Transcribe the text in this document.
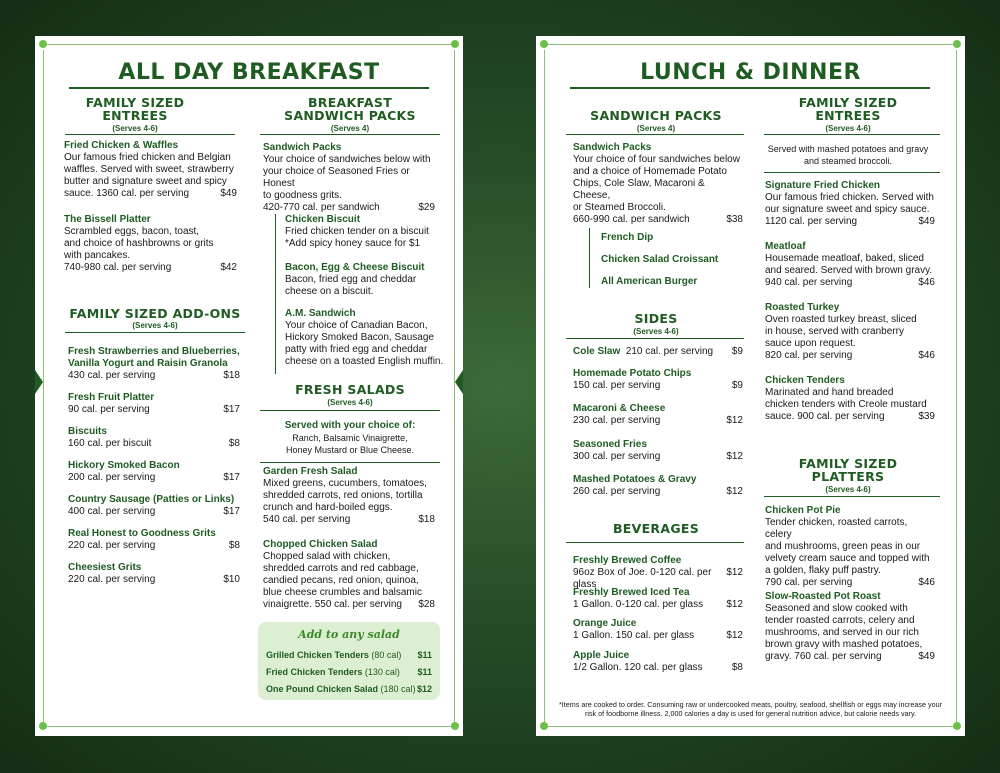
ALL DAY BREAKFAST
FAMILY SIZED
ENTREES
(Serves 4-6)
Fried Chicken & Waffles
Our famous fried chicken and Belgian
waffles. Served with sweet, strawberry
butter and signature sweet and spicy
sauce. 1360 cal. per serving	$49
The Bissell Platter
Scrambled eggs, bacon, toast,
and choice of hashbrowns or grits
with pancakes.
740-980 cal. per serving	$42
FAMILY SIZED ADD-ONS
(Serves 4-6)
Fresh Strawberries and Blueberries,
Vanilla Yogurt and Raisin Granola
430 cal. per serving	$18
Fresh Fruit Platter
90 cal. per serving	$17
Biscuits
160 cal. per biscuit	$8
Hickory Smoked Bacon
200 cal. per serving	$17
Country Sausage (Patties or Links)
400 cal. per serving	$17
Real Honest to Goodness Grits
220 cal. per serving	$8
Cheesiest Grits
220 cal. per serving	$10
BREAKFAST
SANDWICH PACKS
(Serves 4)
Sandwich Packs
Your choice of sandwiches below with
your choice of Seasoned Fries or Honest
to goodness grits.
420-770 cal. per sandwich	$29
Chicken Biscuit
Fried chicken tender on a biscuit
*Add spicy honey sauce for $1
Bacon, Egg & Cheese Biscuit
Bacon, fried egg and cheddar
cheese on a biscuit.
A.M. Sandwich
Your choice of Canadian Bacon,
Hickory Smoked Bacon, Sausage
patty with fried egg and cheddar
cheese on a toasted English muffin.
FRESH SALADS
(Serves 4-6)
Served with your choice of:
Ranch, Balsamic Vinaigrette,
Honey Mustard or Blue Cheese.
Garden Fresh Salad
Mixed greens, cucumbers, tomatoes,
shredded carrots, red onions, tortilla
crunch and hard-boiled eggs.
540 cal. per serving	$18
Chopped Chicken Salad
Chopped salad with chicken,
shredded carrots and red cabbage,
candied pecans, red onion, quinoa,
blue cheese crumbles and balsamic
vinaigrette. 550 cal. per serving $28
Add to any salad
Grilled Chicken Tenders (80 cal) $11
Fried Chicken Tenders (130 cal) $11
One Pound Chicken Salad (180 cal) $12
LUNCH & DINNER
SANDWICH PACKS
(Serves 4)
Sandwich Packs
Your choice of four sandwiches below
and a choice of Homemade Potato
Chips, Cole Slaw, Macaroni & Cheese,
or Steamed Broccoli.
660-990 cal. per sandwich	$38
French Dip
Chicken Salad Croissant
All American Burger
SIDES
(Serves 4-6)
Cole Slaw 210 cal. per serving $9
Homemade Potato Chips
150 cal. per serving	$9
Macaroni & Cheese
230 cal. per serving	$12
Seasoned Fries
300 cal. per serving	$12
Mashed Potatoes & Gravy
260 cal. per serving	$12
BEVERAGES
Freshly Brewed Coffee
96oz Box of Joe. 0-120 cal. per glass
$12
Freshly Brewed Iced Tea
1 Gallon. 0-120 cal. per glass $12
Orange Juice
1 Gallon. 150 cal. per glass	$12
Apple Juice
1/2 Gallon. 120 cal. per glass	$8
FAMILY SIZED
ENTREES
(Serves 4-6)
Served with mashed potatoes and gravy
and steamed broccoli.
Signature Fried Chicken
Our famous fried chicken. Served with
our signature sweet and spicy sauce.
1120 cal. per serving	$49
Meatloaf
Housemade meatloaf, baked, sliced
and seared. Served with brown gravy.
940 cal. per serving	$46
Roasted Turkey
Oven roasted turkey breast, sliced
in house, served with cranberry
sauce upon request.
820 cal. per serving	$46
Chicken Tenders
Marinated and hand breaded
chicken tenders with Creole mustard
sauce. 900 cal. per serving	$39
FAMILY SIZED
PLATTERS
(Serves 4-6)
Chicken Pot Pie
Tender chicken, roasted carrots, celery
and mushrooms, green peas in our
velvety cream sauce and topped with
a golden, flaky puff pastry.
790 cal. per serving	$46
Slow-Roasted Pot Roast
Seasoned and slow cooked with
tender roasted carrots, celery and
mushrooms, and served in our rich
brown gravy with mashed potatoes,
gravy. 760 cal. per serving	$49
*Items are cooked to order. Consuming raw or undercooked meats, poultry, seafood, shellfish or eggs may increase your
risk of foodborne illness. 2,000 calories a day is used for general nutrition advice, but calorie needs vary.
